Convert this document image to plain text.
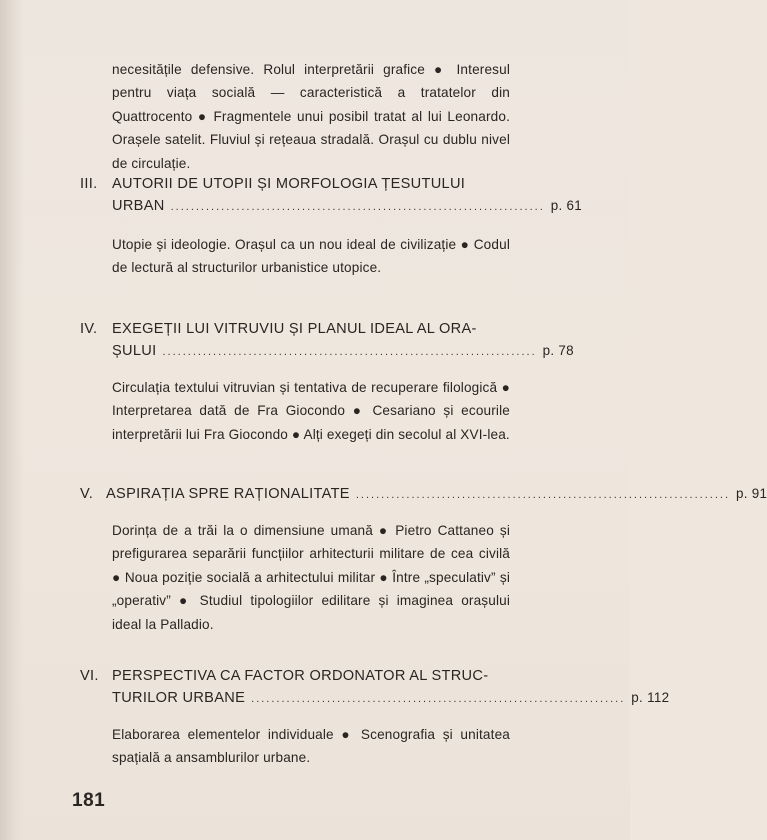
necesitățile defensive. Rolul interpretării grafice ● Interesul pentru viața socială — caracteristică a tratatelor din Quattrocento ● Fragmentele unui posibil tratat al lui Leonardo. Orașele satelit. Fluviul și rețeaua stradală. Orașul cu dublu nivel de circulație.

III. AUTORII DE UTOPII ȘI MORFOLOGIA ȚESUTULUI
URBAN .......................................................................... p. 61

Utopie și ideologie. Orașul ca un nou ideal de civilizație ● Codul de lectură al structurilor urbanistice utopice.

IV. EXEGEȚII LUI VITRUVIU ȘI PLANUL IDEAL AL ORA-
ȘULUI .......................................................................... p. 78

Circulația textului vitruvian și tentativa de recuperare filologică ● Interpretarea dată de Fra Giocondo ● Cesariano și ecourile interpretării lui Fra Giocondo ● Alți exegeți din secolul al XVI-lea.

V. ASPIRAȚIA SPRE RAȚIONALITATE .......................................................................... p. 91

Dorința de a trăi la o dimensiune umană ● Pietro Cattaneo și prefigurarea separării funcțiilor arhitecturii militare de cea civilă ● Noua poziție socială a arhitectului militar ● Între „speculativ” și „operativ” ● Studiul tipologiilor edilitare și imaginea orașului ideal la Palladio.

VI. PERSPECTIVA CA FACTOR ORDONATOR AL STRUC-
TURILOR URBANE .......................................................................... p. 112

Elaborarea elementelor individuale ● Scenografia și unitatea spațială a ansamblurilor urbane.

181
